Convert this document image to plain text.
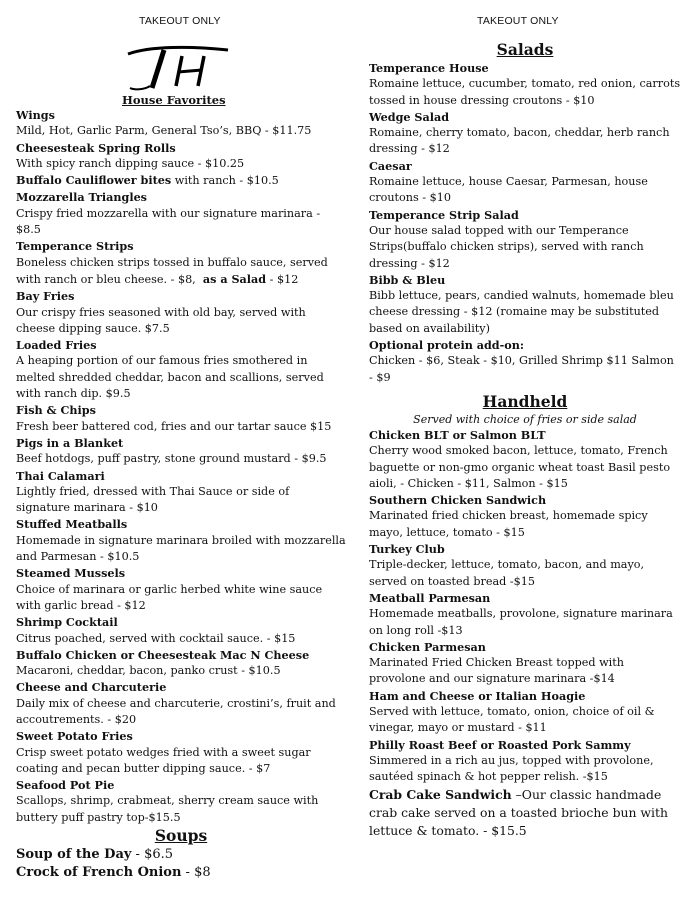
TAKEOUT ONLY	TAKEOUT ONLY
House Favorites
Wings
Mild, Hot, Garlic Parm, General Tso’s, BBQ - $11.75
Cheesesteak Spring Rolls
With spicy ranch dipping sauce - $10.25
Buffalo Cauliflower bites with ranch - $10.5
Mozzarella Triangles
Crispy fried mozzarella with our signature marinara - $8.5
Temperance Strips
Boneless chicken strips tossed in buffalo sauce, served with ranch or bleu cheese. - $8, as a Salad - $12
Bay Fries
Our crispy fries seasoned with old bay, served with cheese dipping sauce. $7.5
Loaded Fries
A heaping portion of our famous fries smothered in melted shredded cheddar, bacon and scallions, served with ranch dip. $9.5
Fish & Chips
Fresh beer battered cod, fries and our tartar sauce $15
Pigs in a Blanket
Beef hotdogs, puff pastry, stone ground mustard - $9.5
Thai Calamari
Lightly fried, dressed with Thai Sauce or side of signature marinara - $10
Stuffed Meatballs
Homemade in signature marinara broiled with mozzarella and Parmesan - $10.5
Steamed Mussels
Choice of marinara or garlic herbed white wine sauce with garlic bread - $12
Shrimp Cocktail
Citrus poached, served with cocktail sauce. - $15
Buffalo Chicken or Cheesesteak Mac N Cheese
Macaroni, cheddar, bacon, panko crust - $10.5
Cheese and Charcuterie
Daily mix of cheese and charcuterie, crostini’s, fruit and accoutrements. - $20
Sweet Potato Fries
Crisp sweet potato wedges fried with a sweet sugar coating and pecan butter dipping sauce. - $7
Seafood Pot Pie
Scallops, shrimp, crabmeat, sherry cream sauce with buttery puff pastry top-$15.5
Soups
Soup of the Day - $6.5
Crock of French Onion - $8
Salads
Temperance House
Romaine lettuce, cucumber, tomato, red onion, carrots tossed in house dressing croutons - $10
Wedge Salad
Romaine, cherry tomato, bacon, cheddar, herb ranch dressing - $12
Caesar
Romaine lettuce, house Caesar, Parmesan, house croutons - $10
Temperance Strip Salad
Our house salad topped with our Temperance Strips(buffalo chicken strips), served with ranch dressing - $12
Bibb & Bleu
Bibb lettuce, pears, candied walnuts, homemade bleu cheese dressing - $12 (romaine may be substituted based on availability)
Optional protein add-on:
Chicken - $6, Steak - $10, Grilled Shrimp $11 Salmon - $9
Handheld
Served with choice of fries or side salad
Chicken BLT or Salmon BLT
Cherry wood smoked bacon, lettuce, tomato, French baguette or non-gmo organic wheat toast Basil pesto aioli, - Chicken - $11, Salmon - $15
Southern Chicken Sandwich
Marinated fried chicken breast, homemade spicy mayo, lettuce, tomato - $15
Turkey Club
Triple-decker, lettuce, tomato, bacon, and mayo, served on toasted bread -$15
Meatball Parmesan
Homemade meatballs, provolone, signature marinara on long roll -$13
Chicken Parmesan
Marinated Fried Chicken Breast topped with provolone and our signature marinara -$14
Ham and Cheese or Italian Hoagie
Served with lettuce, tomato, onion, choice of oil & vinegar, mayo or mustard - $11
Philly Roast Beef or Roasted Pork Sammy
Simmered in a rich au jus, topped with provolone, sautéed spinach & hot pepper relish. -$15
Crab Cake Sandwich –Our classic handmade crab cake served on a toasted brioche bun with lettuce & tomato. - $15.5
